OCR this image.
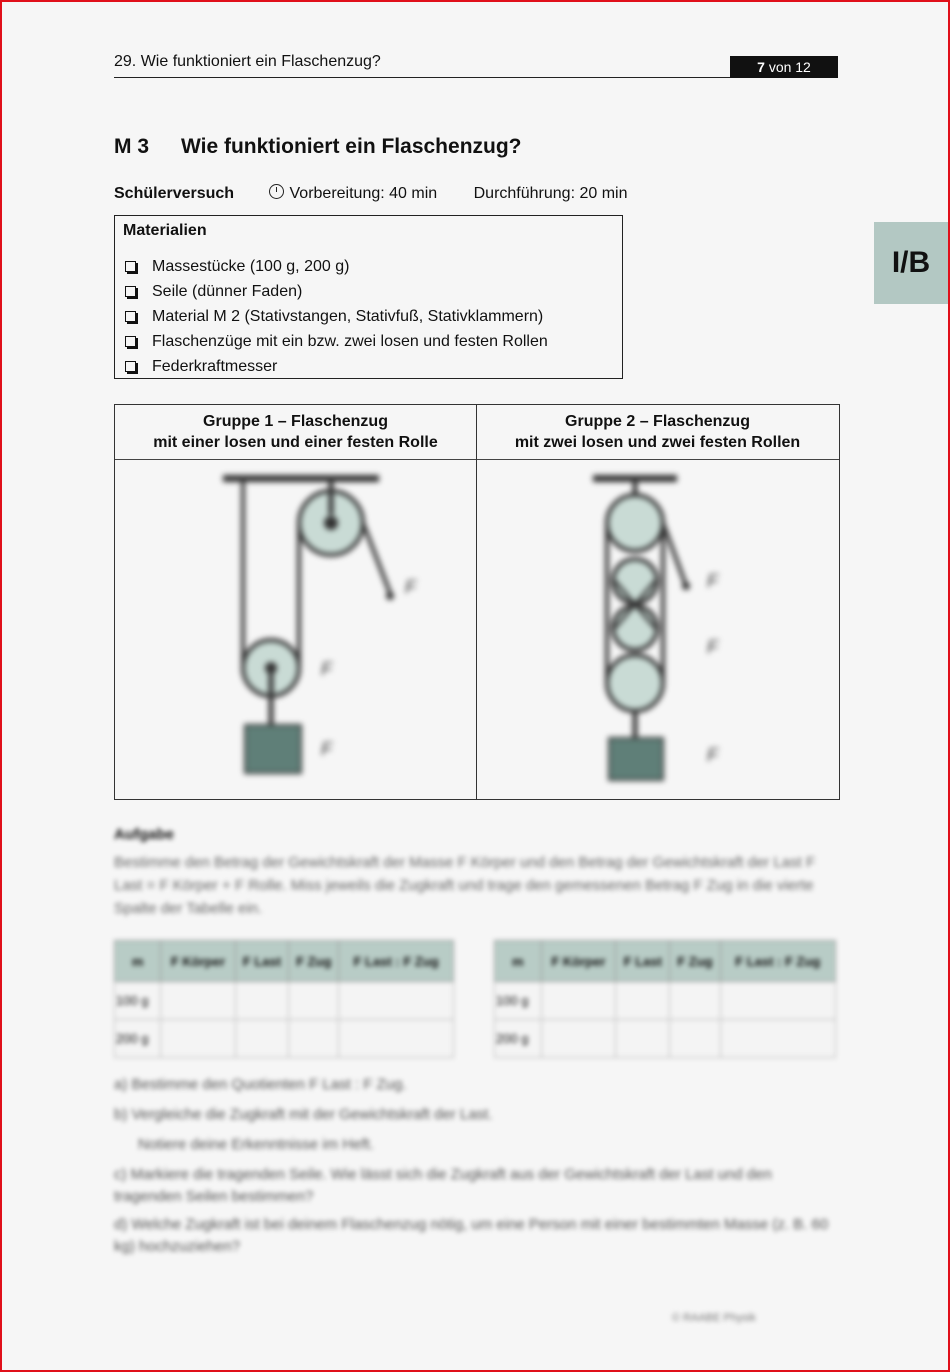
29. Wie funktioniert ein Flaschenzug?	7 von 12
I/B
M 3 Wie funktioniert ein Flaschenzug?
Schülerversuch	Vorbereitung: 40 min Durchführung: 20 min
Materialien
Massestücke (100 g, 200 g)
Seile (dünner Faden)
Material M 2 (Stativstangen, Stativfuß, Stativklammern)
Flaschenzüge mit ein bzw. zwei losen und festen Rollen
Federkraftmesser
Gruppe 1 – Flaschenzug
mit einer losen und einer festen Rolle
Gruppe 2 – Flaschenzug
mit zwei losen und zwei festen Rollen
F
F
F
F
F
F
Aufgabe
Bestimme den Betrag der Gewichtskraft der Masse F Körper und den Betrag der Gewichtskraft der Last F Last = F Körper + F Rolle. Miss jeweils die Zugkraft und trage den gemessenen Betrag F Zug in die vierte Spalte der Tabelle ein.
m	F Körper	F Last	F Zug	F Last : F Zug
100 g				
200 g				
m	F Körper	F Last	F Zug	F Last : F Zug
100 g				
200 g				
a) Bestimme den Quotienten F Last : F Zug.
b) Vergleiche die Zugkraft mit der Gewichtskraft der Last.
Notiere deine Erkenntnisse im Heft.
c) Markiere die tragenden Seile. Wie lässt sich die Zugkraft aus der Gewichtskraft der Last und den tragenden Seilen bestimmen?
d) Welche Zugkraft ist bei deinem Flaschenzug nötig, um eine Person mit einer bestimmten Masse (z. B. 60 kg) hochzuziehen?
© RAABE Physik
